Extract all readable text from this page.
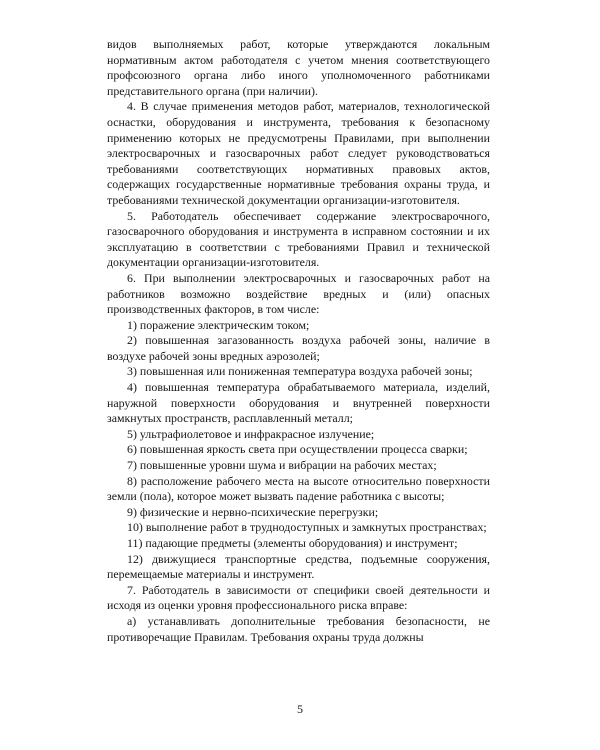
видов выполняемых работ, которые утверждаются локальным нормативным актом работодателя с учетом мнения соответствующего профсоюзного органа либо иного уполномоченного работниками представительного органа (при наличии).

4. В случае применения методов работ, материалов, технологической оснастки, оборудования и инструмента, требования к безопасному применению которых не предусмотрены Правилами, при выполнении электросварочных и газосварочных работ следует руководствоваться требованиями соответствующих нормативных правовых актов, содержащих государственные нормативные требования охраны труда, и требованиями технической документации организации-изготовителя.

5. Работодатель обеспечивает содержание электросварочного, газосварочного оборудования и инструмента в исправном состоянии и их эксплуатацию в соответствии с требованиями Правил и технической документации организации-изготовителя.

6. При выполнении электросварочных и газосварочных работ на работников возможно воздействие вредных и (или) опасных производственных факторов, в том числе:

1) поражение электрическим током;

2) повышенная загазованность воздуха рабочей зоны, наличие в воздухе рабочей зоны вредных аэрозолей;

3) повышенная или пониженная температура воздуха рабочей зоны;

4) повышенная температура обрабатываемого материала, изделий, наружной поверхности оборудования и внутренней поверхности замкнутых пространств, расплавленный металл;

5) ультрафиолетовое и инфракрасное излучение;

6) повышенная яркость света при осуществлении процесса сварки;

7) повышенные уровни шума и вибрации на рабочих местах;

8) расположение рабочего места на высоте относительно поверхности земли (пола), которое может вызвать падение работника с высоты;

9) физические и нервно-психические перегрузки;

10) выполнение работ в труднодоступных и замкнутых пространствах;

11) падающие предметы (элементы оборудования) и инструмент;

12) движущиеся транспортные средства, подъемные сооружения, перемещаемые материалы и инструмент.

7. Работодатель в зависимости от специфики своей деятельности и исходя из оценки уровня профессионального риска вправе:

а) устанавливать дополнительные требования безопасности, не противоречащие Правилам. Требования охраны труда должны

5
